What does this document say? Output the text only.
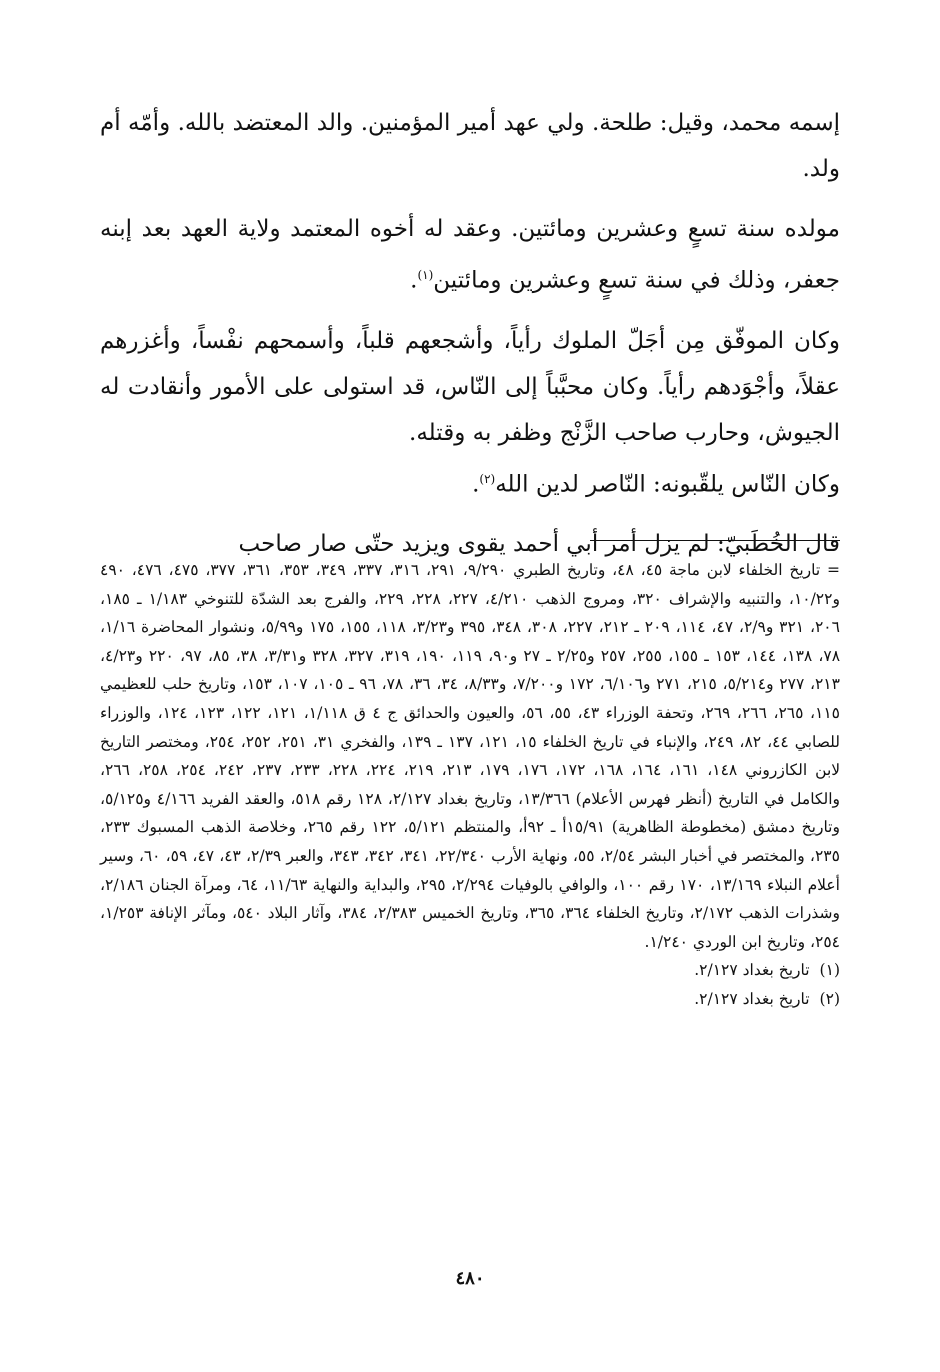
إسمه محمد، وقيل: طلحة. ولي عهد أمير المؤمنين. والد المعتضد بالله. وأمّه أم ولد.

مولده سنة تسعٍ وعشرين ومائتين. وعقد له أخوه المعتمد ولاية العهد بعد إبنه جعفر، وذلك في سنة تسعٍ وعشرين ومائتين$^{(١)}$.

وكان الموفّق مِن أجَلّ الملوك رأياً، وأشجعهم قلباً، وأسمحهم نفْساً، وأغزرهم عقلاً، وأجْوَدهم رأياً. وكان محبَّباً إلى النّاس، قد استولى على الأمور وأنقادت له الجيوش، وحارب صاحب الزَّنْج وظفر به وقتله.

وكان النّاس يلقّبونه: النّاصر لدين الله$^{(٢)}$.

قال الخُطَبيّ: لم يزل أمر أبي أحمد يقوى ويزيد حتّى صار صاحب

= تاريخ الخلفاء لابن ماجة ٤٥، ٤٨، وتاريخ الطبري ٩/٢٩٠، ٢٩١، ٣١٦، ٣٣٧، ٣٤٩، ٣٥٣، ٣٦١، ٣٧٧، ٤٧٥، ٤٧٦، ٤٩٠ و١٠/٢٢، والتنبيه والإشراف ٣٢٠، ومروج الذهب ٤/٢١٠، ٢٢٧، ٢٢٨، ٢٢٩، والفرج بعد الشدّة للتنوخي ١/١٨٣ ـ ١٨٥، ٢٠٦، ٣٢١ و٢/٩، ٤٧، ١١٤، ٢٠٩ ـ ٢١٢، ٢٢٧، ٣٠٨، ٣٤٨، ٣٩٥ و٣/٢٣، ١١٨، ١٥٥، ١٧٥ و٥/٩٩، ونشوار المحاضرة ١/١٦، ٧٨، ١٣٨، ١٤٤، ١٥٣ ـ ١٥٥، ٢٥٥، ٢٥٧ و٢/٢٥ ـ ٢٧ و٩٠، ١١٩، ١٩٠، ٣١٩، ٣٢٧، ٣٢٨ و٣/٣١، ٣٨، ٨٥، ٩٧، ٢٢٠ و٤/٢٣، ٢١٣، ٢٧٧ و٥/٢١٤، ٢١٥، ٢٧١ و٦/١٠٦، ١٧٢ و٧/٢٠٠، و٨/٣٣، ٣٤، ٣٦، ٧٨، ٩٦ ـ ١٠٥، ١٠٧، ١٥٣، وتاريخ حلب للعظيمي ١١٥، ٢٦٥، ٢٦٦، ٢٦٩، وتحفة الوزراء ٤٣، ٥٥، ٥٦، والعيون والحدائق ج ٤ ق ١/١١٨، ١٢١، ١٢٢، ١٢٣، ١٢٤، والوزراء للصابي ٤٤، ٨٢، ٢٤٩، والإنباء في تاريخ الخلفاء ١٥، ١٢١، ١٣٧ ـ ١٣٩، والفخري ٣١، ٢٥١، ٢٥٢، ٢٥٤، ومختصر التاريخ لابن الكازروني ١٤٨، ١٦١، ١٦٤، ١٦٨، ١٧٢، ١٧٦، ١٧٩، ٢١٣، ٢١٩، ٢٢٤، ٢٢٨، ٢٣٣، ٢٣٧، ٢٤٢، ٢٥٤، ٢٥٨، ٢٦٦، والكامل في التاريخ (أنظر فهرس الأعلام) ١٣/٣٦٦، وتاريخ بغداد ٢/١٢٧، ١٢٨ رقم ٥١٨، والعقد الفريد ٤/١٦٦ و٥/١٢٥، وتاريخ دمشق (مخطوطة الظاهرية) ١٥/٩١أ ـ ٩٢أ، والمنتظم ٥/١٢١، ١٢٢ رقم ٢٦٥، وخلاصة الذهب المسبوك ٢٣٣، ٢٣٥، والمختصر في أخبار البشر ٢/٥٤، ٥٥، ونهاية الأرب ٢٢/٣٤٠، ٣٤١، ٣٤٢، ٣٤٣، والعبر ٢/٣٩، ٤٣، ٤٧، ٥٩، ٦٠، وسير أعلام النبلاء ١٣/١٦٩، ١٧٠ رقم ١٠٠، والوافي بالوفيات ٢/٢٩٤، ٢٩٥، والبداية والنهاية ١١/٦٣، ٦٤، ومرآة الجنان ٢/١٨٦، وشذرات الذهب ٢/١٧٢، وتاريخ الخلفاء ٣٦٤، ٣٦٥، وتاريخ الخميس ٢/٣٨٣، ٣٨٤، وآثار البلاد ٥٤٠، ومآثر الإنافة ١/٢٥٣، ٢٥٤، وتاريخ ابن الوردي ١/٢٤٠.

(١)
تاريخ بغداد ٢/١٢٧.
(٢)
تاريخ بغداد ٢/١٢٧.
٤٨٠
